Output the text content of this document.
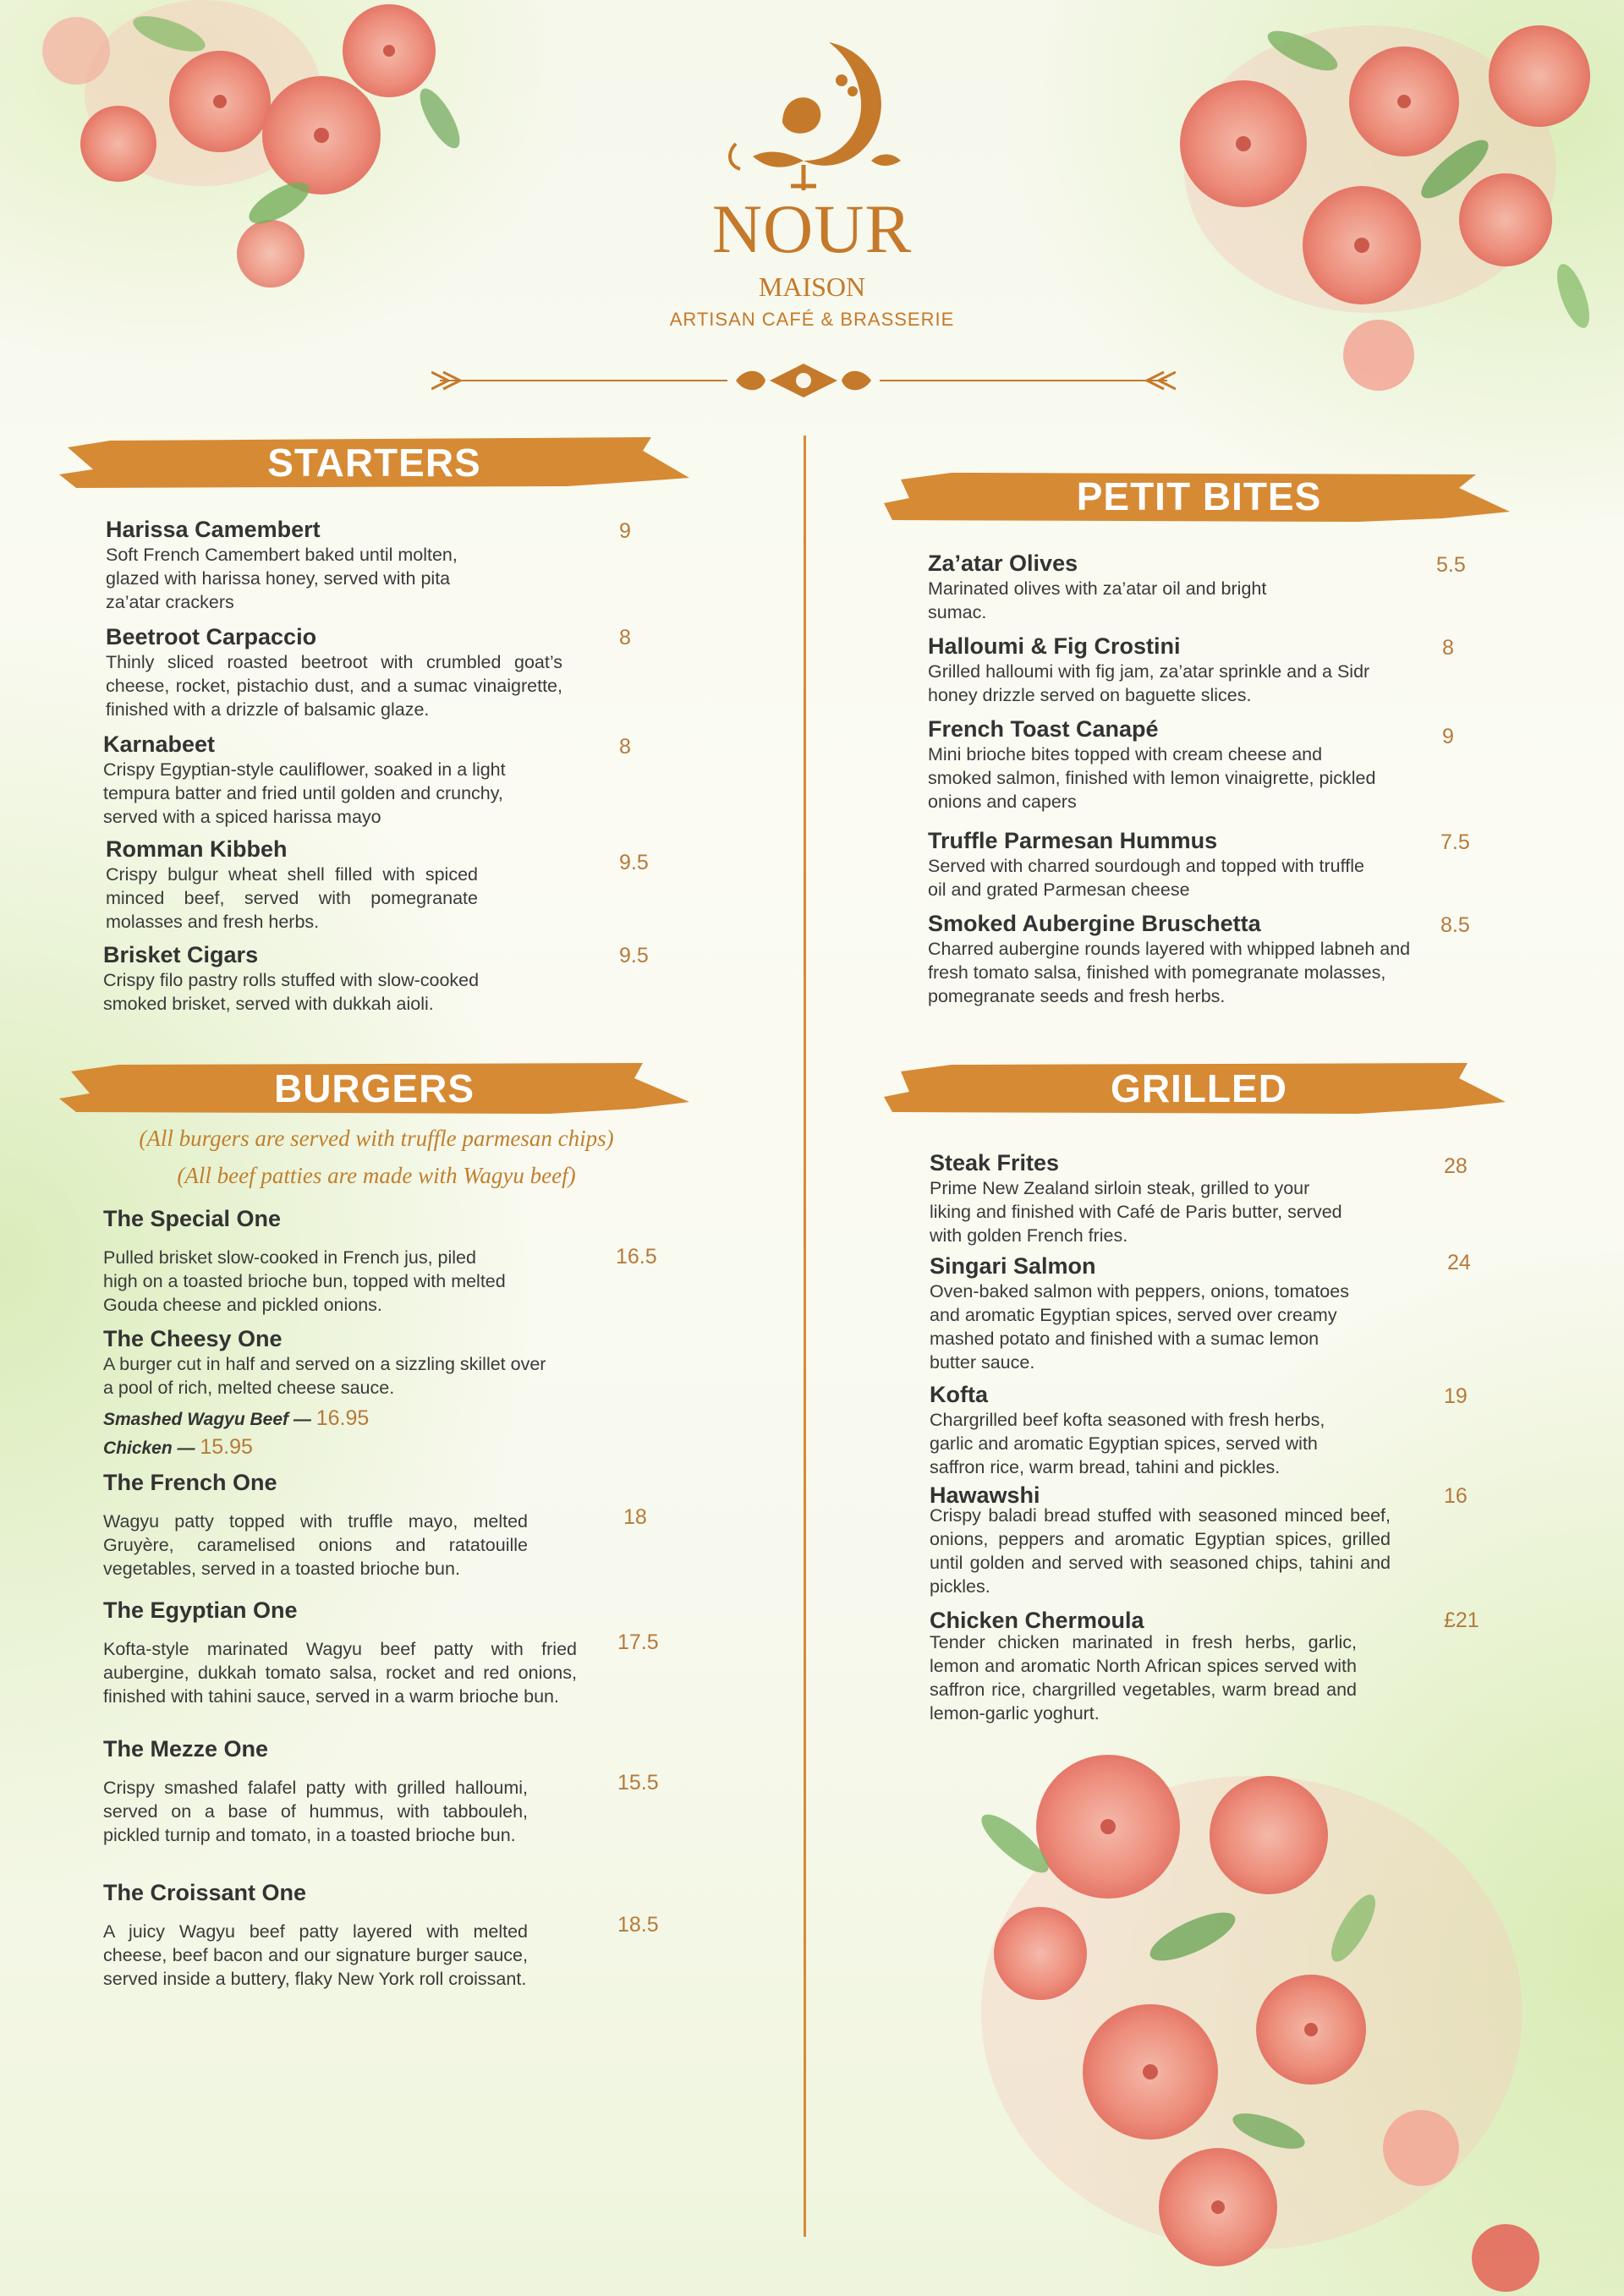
NOUR
MAISON
ARTISAN CAFÉ & BRASSERIE
STARTERS
Harissa Camembert
Soft French Camembert baked until molten, glazed with harissa honey, served with pita za’atar crackers
9
Beetroot Carpaccio
Thinly sliced roasted beetroot with crumbled goat’s cheese, rocket, pistachio dust, and a sumac vinaigrette, finished with a drizzle of balsamic glaze.
8
Karnabeet
Crispy Egyptian-style cauliflower, soaked in a light tempura batter and fried until golden and crunchy, served with a spiced harissa mayo
8
Romman Kibbeh
Crispy bulgur wheat shell filled with spiced minced beef, served with pomegranate molasses and fresh herbs.
9.5
Brisket Cigars
Crispy filo pastry rolls stuffed with slow-cooked smoked brisket, served with dukkah aioli.
9.5
PETIT BITES
Za’atar Olives
Marinated olives with za’atar oil and bright sumac.
5.5
Halloumi & Fig Crostini
Grilled halloumi with fig jam, za’atar sprinkle and a Sidr honey drizzle served on baguette slices.
8
French Toast Canapé
Mini brioche bites topped with cream cheese and smoked salmon, finished with lemon vinaigrette, pickled onions and capers
9
Truffle Parmesan Hummus
Served with charred sourdough and topped with truffle oil and grated Parmesan cheese
7.5
Smoked Aubergine Bruschetta
Charred aubergine rounds layered with whipped labneh and fresh tomato salsa, finished with pomegranate molasses, pomegranate seeds and fresh herbs.
8.5
BURGERS
(All burgers are served with truffle parmesan chips)
(All beef patties are made with Wagyu beef)
The Special One
Pulled brisket slow-cooked in French jus, piled high on a toasted brioche bun, topped with melted Gouda cheese and pickled onions.
16.5
The Cheesy One
A burger cut in half and served on a sizzling skillet over a pool of rich, melted cheese sauce.
Smashed Wagyu Beef — 16.95
Chicken — 15.95
The French One
Wagyu patty topped with truffle mayo, melted Gruyère, caramelised onions and ratatouille vegetables, served in a toasted brioche bun.
18
The Egyptian One
Kofta-style marinated Wagyu beef patty with fried aubergine, dukkah tomato salsa, rocket and red onions, finished with tahini sauce, served in a warm brioche bun.
17.5
The Mezze One
Crispy smashed falafel patty with grilled halloumi, served on a base of hummus, with tabbouleh, pickled turnip and tomato, in a toasted brioche bun.
15.5
The Croissant One
A juicy Wagyu beef patty layered with melted cheese, beef bacon and our signature burger sauce, served inside a buttery, flaky New York roll croissant.
18.5
GRILLED
Steak Frites
Prime New Zealand sirloin steak, grilled to your liking and finished with Café de Paris butter, served with golden French fries.
28
Singari Salmon
Oven-baked salmon with peppers, onions, tomatoes and aromatic Egyptian spices, served over creamy mashed potato and finished with a sumac lemon butter sauce.
24
Kofta
Chargrilled beef kofta seasoned with fresh herbs, garlic and aromatic Egyptian spices, served with saffron rice, warm bread, tahini and pickles.
19
Hawawshi
Crispy baladi bread stuffed with seasoned minced beef, onions, peppers and aromatic Egyptian spices, grilled until golden and served with seasoned chips, tahini and pickles.
16
Chicken Chermoula
Tender chicken marinated in fresh herbs, garlic, lemon and aromatic North African spices served with saffron rice, chargrilled vegetables, warm bread and lemon-garlic yoghurt.
£21
